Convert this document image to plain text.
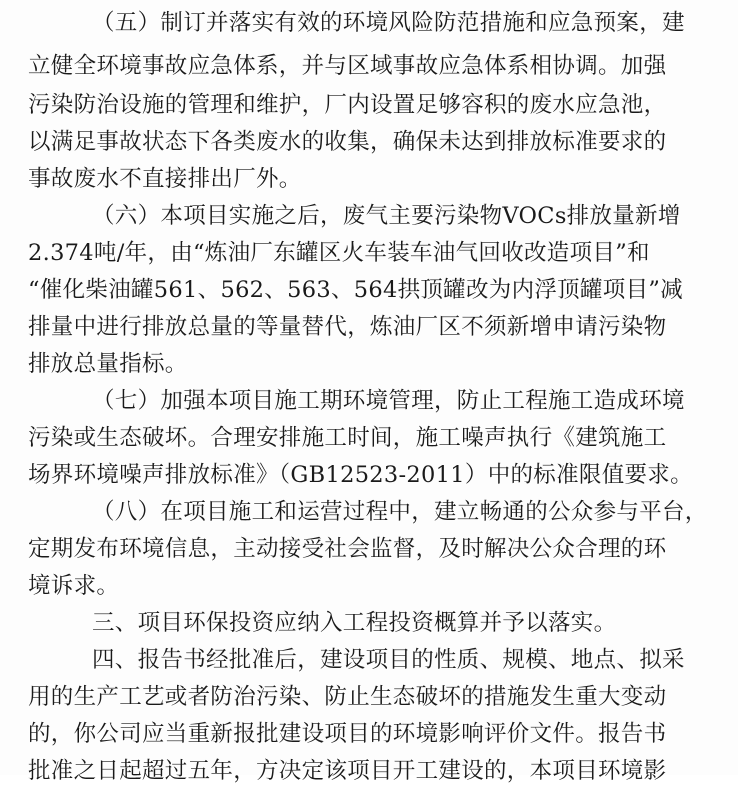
（五）制订并落实有效的环境风险防范措施和应急预案，建
立健全环境事故应急体系，并与区域事故应急体系相协调。加强
污染防治设施的管理和维护，厂内设置足够容积的废水应急池，
以满足事故状态下各类废水的收集，确保未达到排放标准要求的
事故废水不直接排出厂外。
（六）本项目实施之后，废气主要污染物VOCs排放量新增
2.374吨/年，由“炼油厂东罐区火车装车油气回收改造项目”和
“催化柴油罐561、562、563、564拱顶罐改为内浮顶罐项目”减
排量中进行排放总量的等量替代，炼油厂区不须新增申请污染物
排放总量指标。
（七）加强本项目施工期环境管理，防止工程施工造成环境
污染或生态破坏。合理安排施工时间，施工噪声执行《建筑施工
场界环境噪声排放标准》（GB12523-2011）中的标准限值要求。
（八）在项目施工和运营过程中，建立畅通的公众参与平台，
定期发布环境信息，主动接受社会监督，及时解决公众合理的环
境诉求。
三、项目环保投资应纳入工程投资概算并予以落实。
四、报告书经批准后，建设项目的性质、规模、地点、拟采
用的生产工艺或者防治污染、防止生态破坏的措施发生重大变动
的，你公司应当重新报批建设项目的环境影响评价文件。报告书
批准之日起超过五年，方决定该项目开工建设的，本项目环境影
